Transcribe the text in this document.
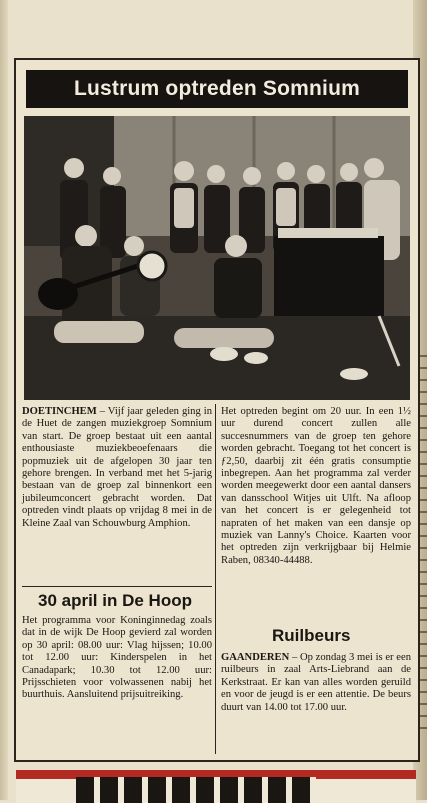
Lustrum optreden Somnium
DOETINCHEM – Vijf jaar geleden ging in de Huet de zangen muziekgroep Somnium van start. De groep bestaat uit een aantal enthousiaste muziekbeoefenaars die popmuziek uit de afgelopen 30 jaar ten gehore brengen. In verband met het 5-jarig bestaan van de groep zal binnenkort een jubileumconcert gebracht worden. Dat optreden vindt plaats op vrijdag 8 mei in de Kleine Zaal van Schouwburg Amphion.
Het optreden begint om 20 uur. In een 1½ uur durend concert zullen alle succesnummers van de groep ten gehore worden gebracht. Toegang tot het concert is ƒ2,50, daarbij zit één gratis consumptie inbegrepen. Aan het programma zal verder worden meegewerkt door een aantal dansers van dansschool Witjes uit Ulft. Na afloop van het concert is er gelegenheid tot napraten of het maken van een dansje op muziek van Lanny's Choice. Kaarten voor het optreden zijn verkrijgbaar bij Helmie Raben, 08340-44488.
30 april in De Hoop
Het programma voor Koninginnedag zoals dat in de wijk De Hoop gevierd zal worden op 30 april: 08.00 uur: Vlag hijssen; 10.00 tot 12.00 uur: Kinderspelen in het Canadapark; 10.30 tot 12.00 uur: Prijsschieten voor volwassenen nabij het buurthuis. Aansluitend prijsuitreiking.
Ruilbeurs
GAANDEREN – Op zondag 3 mei is er een ruilbeurs in zaal Arts-Liebrand aan de Kerkstraat. Er kan van alles worden geruild en voor de jeugd is er een attentie. De beurs duurt van 14.00 tot 17.00 uur.
